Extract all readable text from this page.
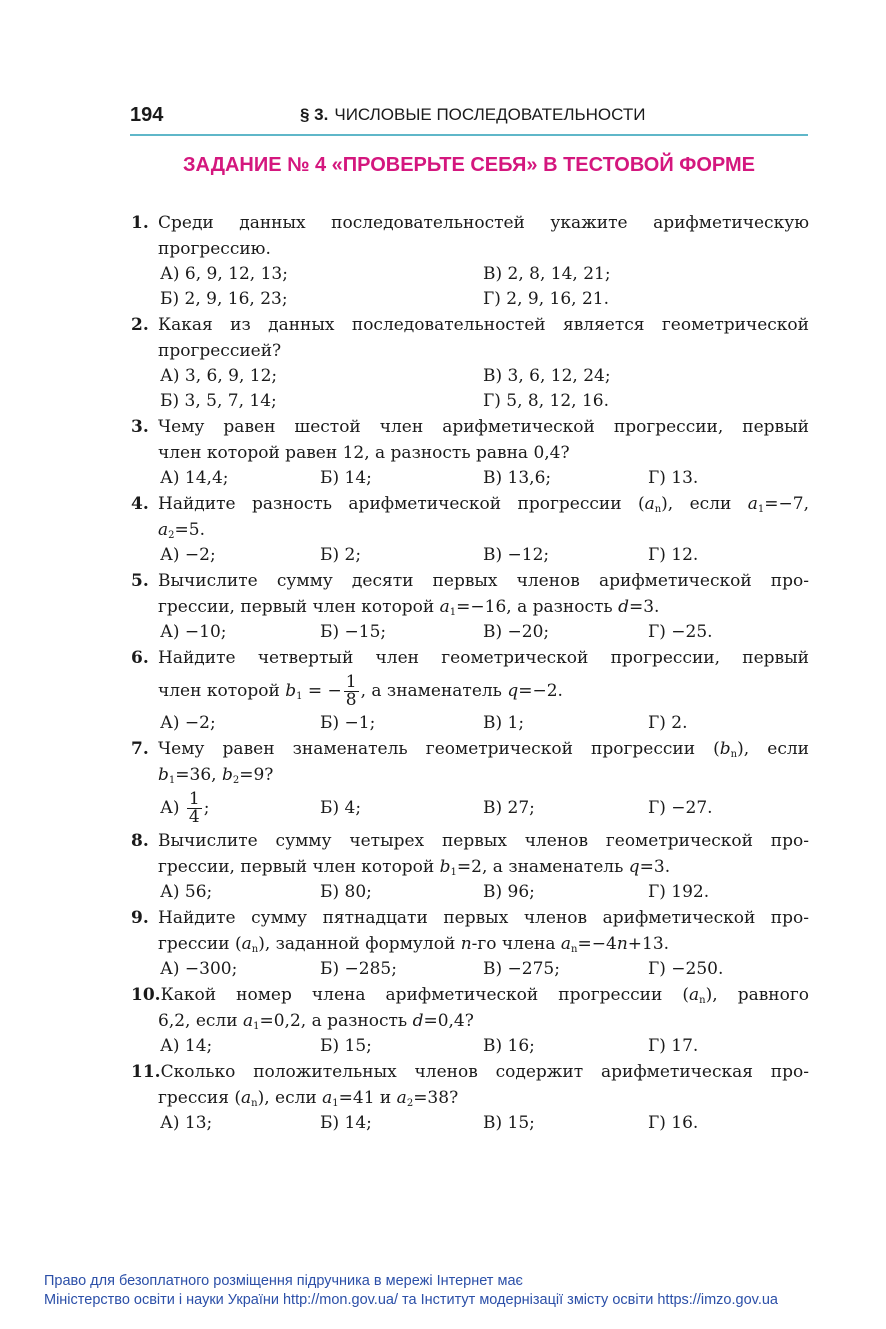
194	§ 3. ЧИСЛОВЫЕ ПОСЛЕДОВАТЕЛЬНОСТИ
ЗАДАНИЕ № 4 «ПРОВЕРЬТЕ СЕБЯ» В ТЕСТОВОЙ ФОРМЕ
1. Среди данных последовательностей укажите арифметическую
прогрессию.
А) 6, 9, 12, 13;	В) 2, 8, 14, 21;
Б) 2, 9, 16, 23;	Г) 2, 9, 16, 21.
2. Какая из данных последовательностей является геометрической
прогрессией?
А) 3, 6, 9, 12;	В) 3, 6, 12, 24;
Б) 3, 5, 7, 14;	Г) 5, 8, 12, 16.
3. Чему равен шестой член арифметической прогрессии, первый
член которой равен 12, а разность равна 0,4?
А) 14,4;	Б) 14;	В) 13,6;	Г) 13.
4. Найдите разность арифметической прогрессии $(a_n)$, если $a_1=-7$,
$a_2=5$.
А) −2;	Б) 2;	В) −12;	Г) 12.
5. Вычислите сумму десяти первых членов арифметической про-
грессии, первый член которой $a_1=-16$, а разность d=3.
А) −10;	Б) −15;	В) −20;	Г) −25.
6. Найдите четвертый член геометрической прогрессии, первый
член которой $b_1$ = − $\frac{1}{8}$ , а знаменатель q=−2.
А) −2;	Б) −1;	В) 1;	Г) 2.
7. Чему равен знаменатель геометрической прогрессии $(b_n)$, если
$b_1=36$, $b_2=9$?
$А) \frac{1}{4}$ ;	Б) 4;	В) 27;	Г) −27.
8. Вычислите сумму четырех первых членов геометрической про-
грессии, первый член которой $b_1=2$, а знаменатель q=3.
А) 56;	Б) 80;	В) 96;	Г) 192.
9. Найдите сумму пятнадцати первых членов арифметической про-
грессии $(a_n)$, заданной формулой n-го члена $a_n=-4n+13$.
А) −300;	Б) −285;	В) −275;	Г) −250.
10.Какой номер члена арифметической прогрессии $(a_n)$, равного
6,2, если $a_1=0,2$, а разность d=0,4?
А) 14;	Б) 15;	В) 16;	Г) 17.
11.Сколько положительных членов содержит арифметическая про-
грессия $(a_n)$, если $a_1=41$ и $a_2=38$?
А) 13;	Б) 14;	В) 15;	Г) 16.
Право для безоплатного розміщення підручника в мережі Інтернет має
Міністерство освіти і науки України http://mon.gov.ua/ та Інститут модернізації змісту освіти https://imzo.gov.ua
